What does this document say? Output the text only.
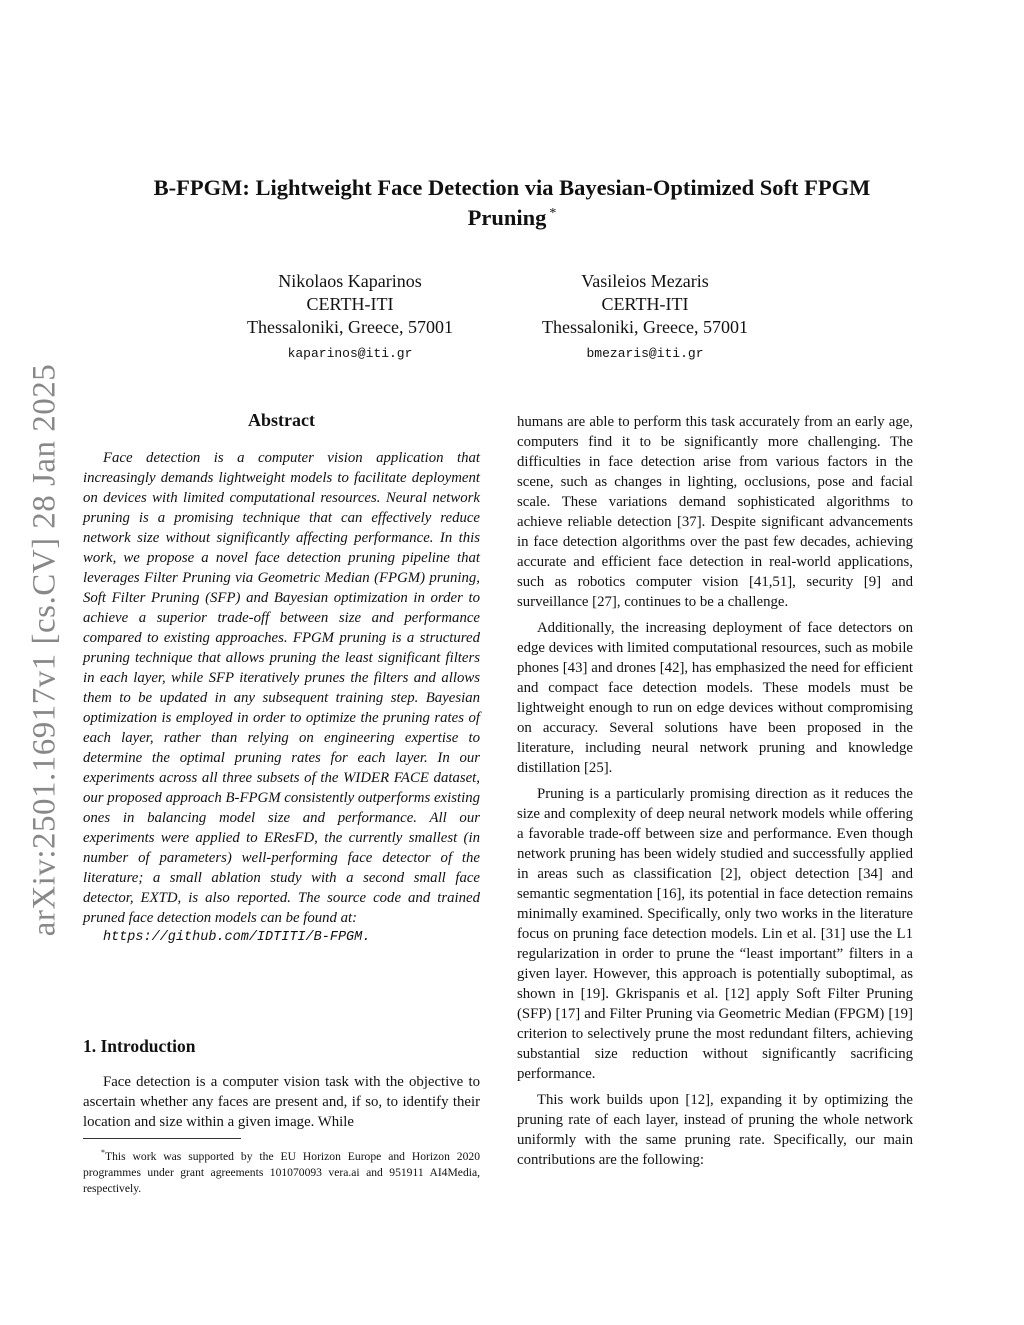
arXiv:2501.16917v1 [cs.CV] 28 Jan 2025
B-FPGM: Lightweight Face Detection via Bayesian-Optimized Soft FPGM
Pruning *
Nikolaos Kaparinos
CERTH-ITI
Thessaloniki, Greece, 57001
kaparinos@iti.gr
Vasileios Mezaris
CERTH-ITI
Thessaloniki, Greece, 57001
bmezaris@iti.gr
Abstract

Face detection is a computer vision application that increasingly demands lightweight models to facilitate deployment on devices with limited computational resources. Neural network pruning is a promising technique that can effectively reduce network size without significantly affecting performance. In this work, we propose a novel face detection pruning pipeline that leverages Filter Pruning via Geometric Median (FPGM) pruning, Soft Filter Pruning (SFP) and Bayesian optimization in order to achieve a superior trade-off between size and performance compared to existing approaches. FPGM pruning is a structured pruning technique that allows pruning the least significant filters in each layer, while SFP iteratively prunes the filters and allows them to be updated in any subsequent training step. Bayesian optimization is employed in order to optimize the pruning rates of each layer, rather than relying on engineering expertise to determine the optimal pruning rates for each layer. In our experiments across all three subsets of the WIDER FACE dataset, our proposed approach B-FPGM consistently outperforms existing ones in balancing model size and performance. All our experiments were applied to EResFD, the currently smallest (in number of parameters) well-performing face detector of the literature; a small ablation study with a second small face detector, EXTD, is also reported. The source code and trained pruned face detection models can be found at:
https://github.com/IDTITI/B-FPGM.

1. Introduction

Face detection is a computer vision task with the objective to ascertain whether any faces are present and, if so, to identify their location and size within a given image. While

*This work was supported by the EU Horizon Europe and Horizon 2020 programmes under grant agreements 101070093 vera.ai and 951911 AI4Media, respectively.

humans are able to perform this task accurately from an early age, computers find it to be significantly more challenging. The difficulties in face detection arise from various factors in the scene, such as changes in lighting, occlusions, pose and facial scale. These variations demand sophisticated algorithms to achieve reliable detection [37]. Despite significant advancements in face detection algorithms over the past few decades, achieving accurate and efficient face detection in real-world applications, such as robotics computer vision [41,51], security [9] and surveillance [27], continues to be a challenge.

Additionally, the increasing deployment of face detectors on edge devices with limited computational resources, such as mobile phones [43] and drones [42], has emphasized the need for efficient and compact face detection models. These models must be lightweight enough to run on edge devices without compromising on accuracy. Several solutions have been proposed in the literature, including neural network pruning and knowledge distillation [25].

Pruning is a particularly promising direction as it reduces the size and complexity of deep neural network models while offering a favorable trade-off between size and performance. Even though network pruning has been widely studied and successfully applied in areas such as classification [2], object detection [34] and semantic segmentation [16], its potential in face detection remains minimally examined. Specifically, only two works in the literature focus on pruning face detection models. Lin et al. [31] use the L1 regularization in order to prune the “least important” filters in a given layer. However, this approach is potentially suboptimal, as shown in [19]. Gkrispanis et al. [12] apply Soft Filter Pruning (SFP) [17] and Filter Pruning via Geometric Median (FPGM) [19] criterion to selectively prune the most redundant filters, achieving substantial size reduction without significantly sacrificing performance.

This work builds upon [12], expanding it by optimizing the pruning rate of each layer, instead of pruning the whole network uniformly with the same pruning rate. Specifically, our main contributions are the following:
